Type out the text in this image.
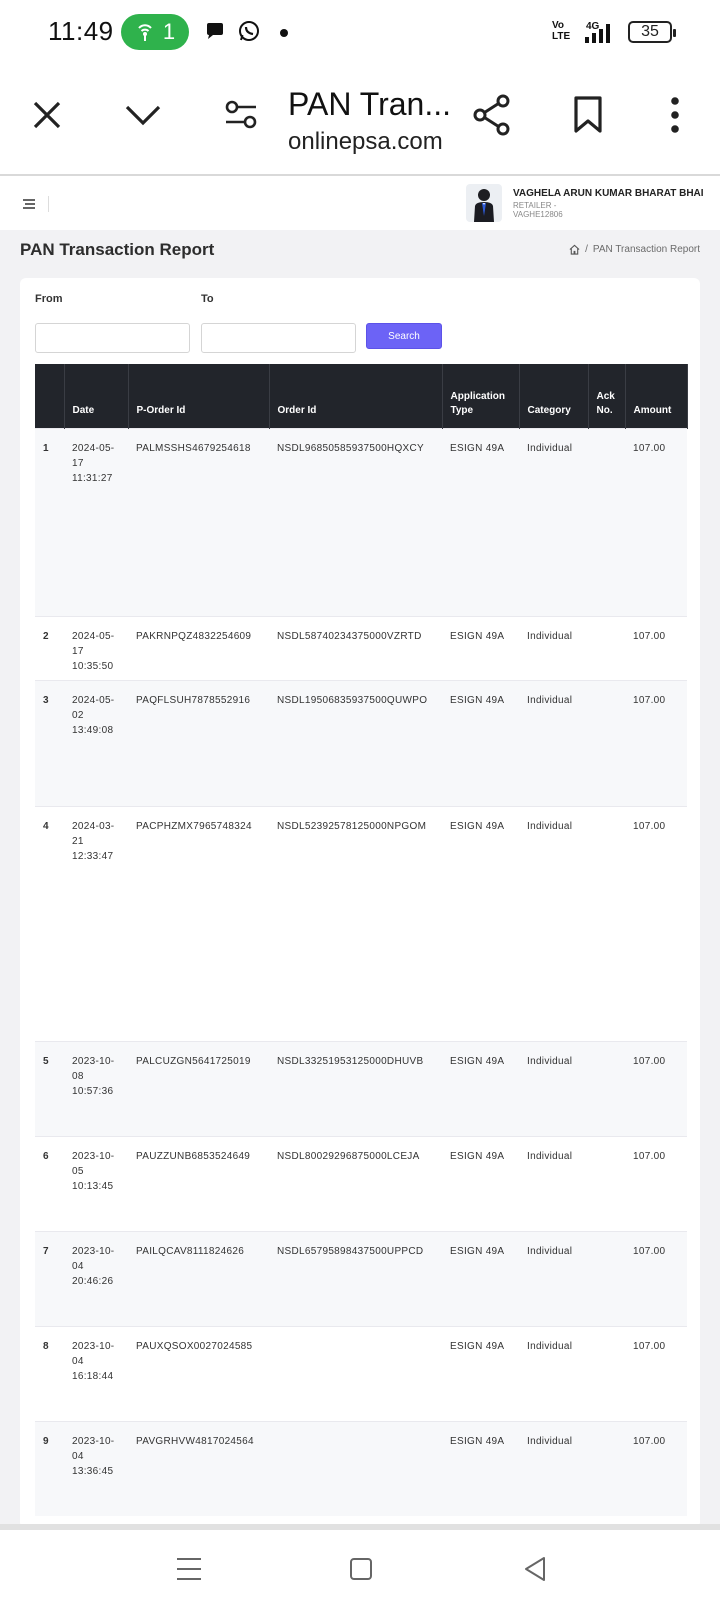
11:49 1	Vo
LTE
4G	35
PAN Tran...
onlinepsa.com
VAGHELA ARUN KUMAR BHARAT BHAI
RETAILER -
VAGHE12806
PAN Transaction Report	/ PAN Transaction Report
From	To
Search
	Date	P-Order Id	Order Id	Application Type	Category	Ack No.	Amount
1	2024-05-17 11:31:27	PALMSSHS4679254618	NSDL96850585937500HQXCY	ESIGN 49A	Individual		107.00
2	2024-05-17 10:35:50	PAKRNPQZ4832254609	NSDL58740234375000VZRTD	ESIGN 49A	Individual		107.00
3	2024-05-02 13:49:08	PAQFLSUH7878552916	NSDL19506835937500QUWPO	ESIGN 49A	Individual		107.00
4	2024-03-21 12:33:47	PACPHZMX7965748324	NSDL52392578125000NPGOM	ESIGN 49A	Individual		107.00
5	2023-10-08 10:57:36	PALCUZGN5641725019	NSDL33251953125000DHUVB	ESIGN 49A	Individual		107.00
6	2023-10-05 10:13:45	PAUZZUNB6853524649	NSDL80029296875000LCEJA	ESIGN 49A	Individual		107.00
7	2023-10-04 20:46:26	PAILQCAV8111824626	NSDL65795898437500UPPCD	ESIGN 49A	Individual		107.00
8	2023-10-04 16:18:44	PAUXQSOX0027024585		ESIGN 49A	Individual		107.00
9	2023-10-04 13:36:45	PAVGRHVW4817024564		ESIGN 49A	Individual		107.00
